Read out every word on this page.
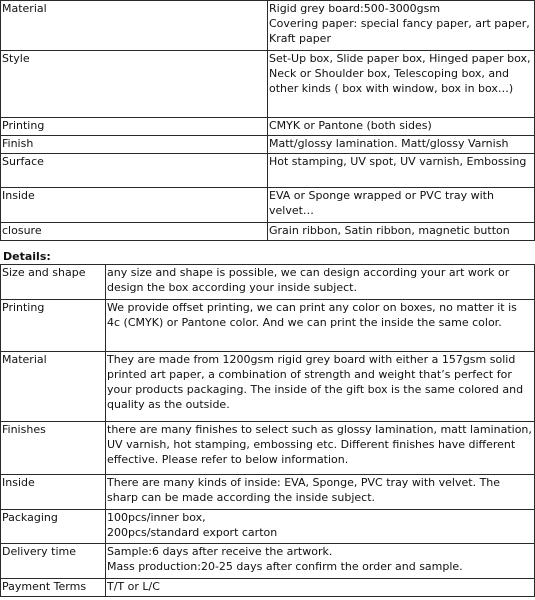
Material	Rigid grey board:500-3000gsm
Covering paper: special fancy paper, art paper, Kraft paper
Style	Set-Up box, Slide paper box, Hinged paper box, Neck or Shoulder box, Telescoping box, and other kinds ( box with window, box in box…)
Printing	CMYK or Pantone (both sides)
Finish	Matt/glossy lamination. Matt/glossy Varnish
Surface	Hot stamping, UV spot, UV varnish, Embossing
Inside	EVA or Sponge wrapped or PVC tray with velvet…
closure	Grain ribbon, Satin ribbon, magnetic button
Details:
Size and shape	any size and shape is possible, we can design according your art work or design the box according your inside subject.
Printing	We provide offset printing, we can print any color on boxes, no matter it is 4c (CMYK) or Pantone color. And we can print the inside the same color.
Material	They are made from 1200gsm rigid grey board with either a 157gsm solid printed art paper, a combination of strength and weight that’s perfect for your products packaging. The inside of the gift box is the same colored and quality as the outside.
Finishes	there are many finishes to select such as glossy lamination, matt lamination, UV varnish, hot stamping, embossing etc. Different finishes have different effective. Please refer to below information.
Inside	There are many kinds of inside: EVA, Sponge, PVC tray with velvet. The sharp can be made according the inside subject.
Packaging	100pcs/inner box,
200pcs/standard export carton
Delivery time	Sample:6 days after receive the artwork.
Mass production:20-25 days after confirm the order and sample.
Payment Terms	T/T or L/C
